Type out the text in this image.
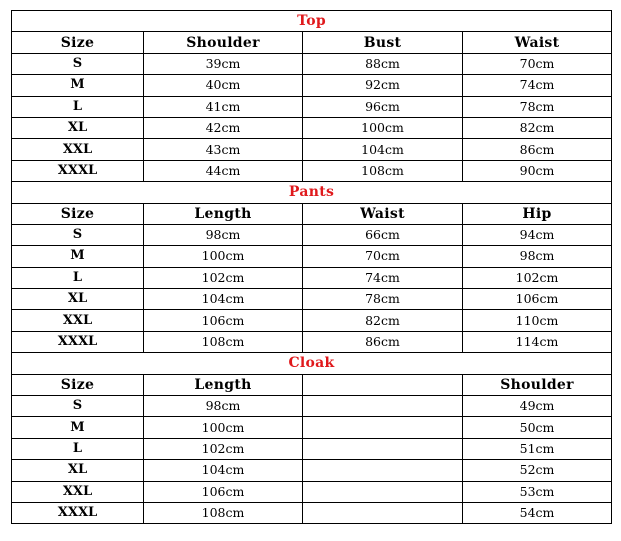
Top			
Size	Shoulder	Bust	Waist
S	39cm	88cm	70cm
M	40cm	92cm	74cm
L	41cm	96cm	78cm
XL	42cm	100cm	82cm
XXL	43cm	104cm	86cm
XXXL	44cm	108cm	90cm
Pants			
Size	Length	Waist	Hip
S	98cm	66cm	94cm
M	100cm	70cm	98cm
L	102cm	74cm	102cm
XL	104cm	78cm	106cm
XXL	106cm	82cm	110cm
XXXL	108cm	86cm	114cm
Cloak			
Size	Length		Shoulder
S	98cm		49cm
M	100cm		50cm
L	102cm		51cm
XL	104cm		52cm
XXL	106cm		53cm
XXXL	108cm		54cm
